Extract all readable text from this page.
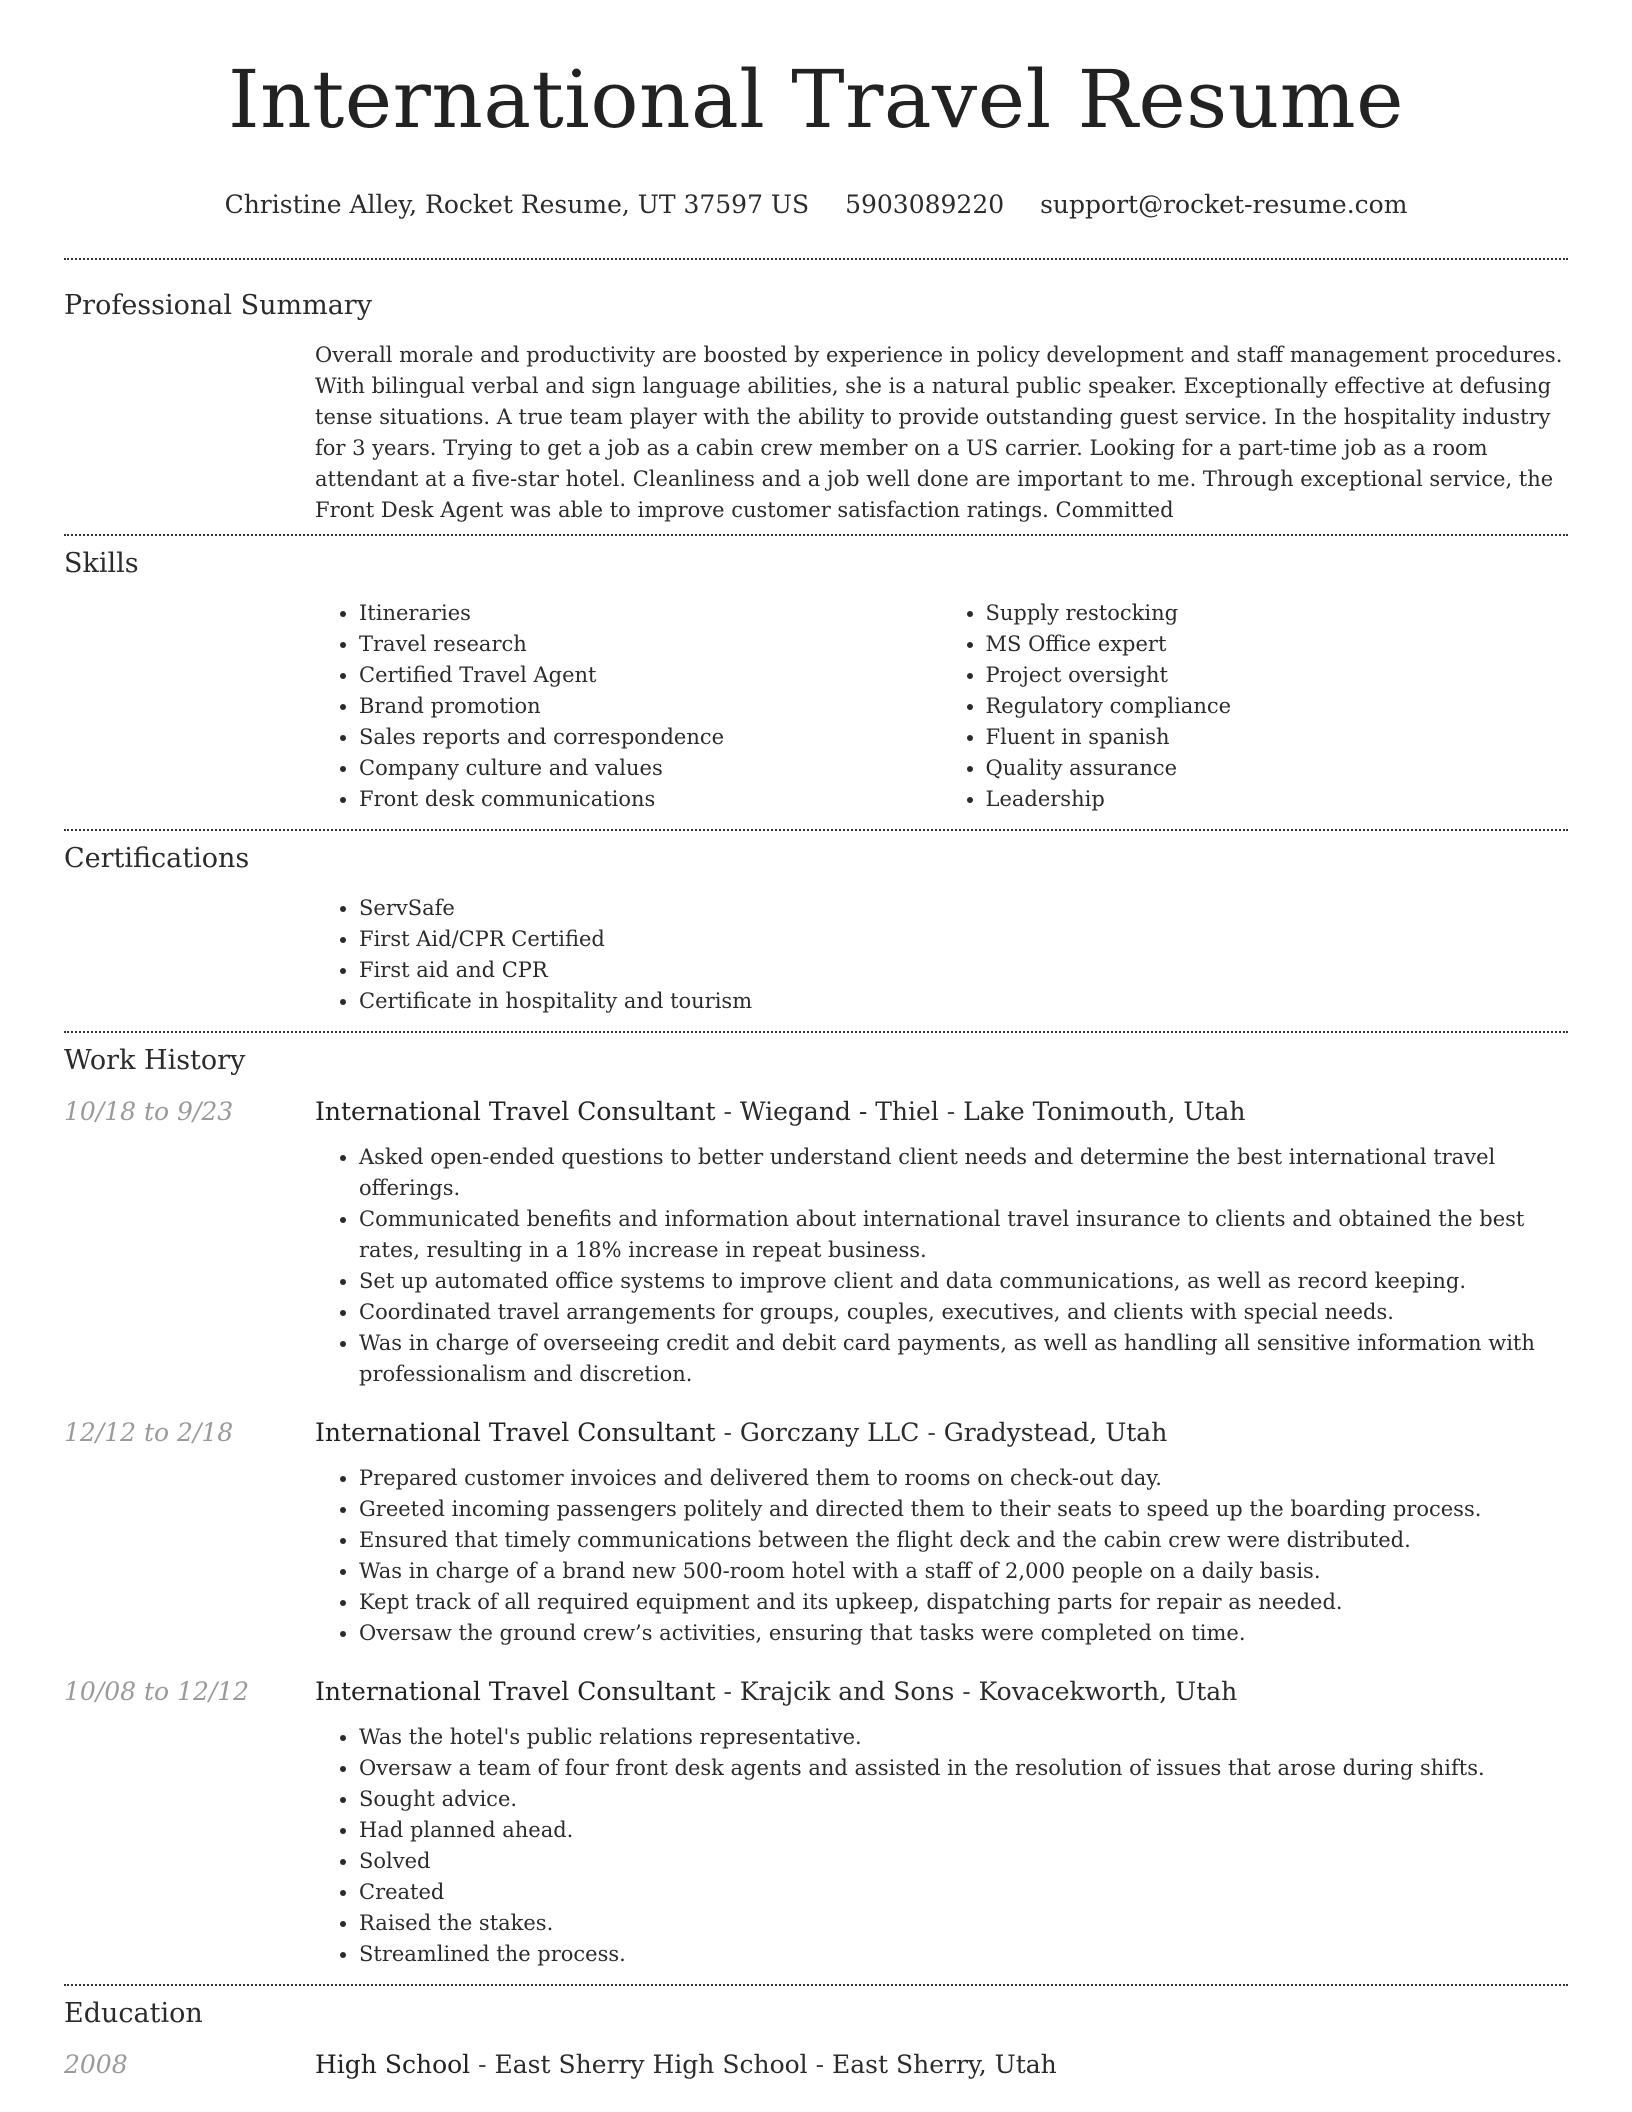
International Travel Resume
Christine Alley, Rocket Resume, UT 37597 US 5903089220 support@rocket-resume.com
Professional Summary

Overall morale and productivity are boosted by experience in policy development and staff management procedures. With bilingual verbal and sign language abilities, she is a natural public speaker. Exceptionally effective at defusing tense situations. A true team player with the ability to provide outstanding guest service. In the hospitality industry for 3 years. Trying to get a job as a cabin crew member on a US carrier. Looking for a part-time job as a room attendant at a five-star hotel. Cleanliness and a job well done are important to me. Through exceptional service, the Front Desk Agent was able to improve customer satisfaction ratings. Committed

Skills
• Itineraries
• Travel research
• Certified Travel Agent
• Brand promotion
• Sales reports and correspondence
• Company culture and values
• Front desk communications
• Supply restocking
• MS Office expert
• Project oversight
• Regulatory compliance
• Fluent in spanish
• Quality assurance
• Leadership
Certifications
• ServSafe
• First Aid/CPR Certified
• First aid and CPR
• Certificate in hospitality and tourism
Work History
10/18 to 9/23	International Travel Consultant - Wiegand - Thiel - Lake Tonimouth, Utah
• Asked open-ended questions to better understand client needs and determine the best international travel offerings.
• Communicated benefits and information about international travel insurance to clients and obtained the best rates, resulting in a 18% increase in repeat business.
• Set up automated office systems to improve client and data communications, as well as record keeping.
• Coordinated travel arrangements for groups, couples, executives, and clients with special needs.
• Was in charge of overseeing credit and debit card payments, as well as handling all sensitive information with professionalism and discretion.
12/12 to 2/18	International Travel Consultant - Gorczany LLC - Gradystead, Utah
• Prepared customer invoices and delivered them to rooms on check-out day.
• Greeted incoming passengers politely and directed them to their seats to speed up the boarding process.
• Ensured that timely communications between the flight deck and the cabin crew were distributed.
• Was in charge of a brand new 500-room hotel with a staff of 2,000 people on a daily basis.
• Kept track of all required equipment and its upkeep, dispatching parts for repair as needed.
• Oversaw the ground crew’s activities, ensuring that tasks were completed on time.
10/08 to 12/12	International Travel Consultant - Krajcik and Sons - Kovacekworth, Utah
• Was the hotel's public relations representative.
• Oversaw a team of four front desk agents and assisted in the resolution of issues that arose during shifts.
• Sought advice.
• Had planned ahead.
• Solved
• Created
• Raised the stakes.
• Streamlined the process.
Education
2008	High School - East Sherry High School - East Sherry, Utah
